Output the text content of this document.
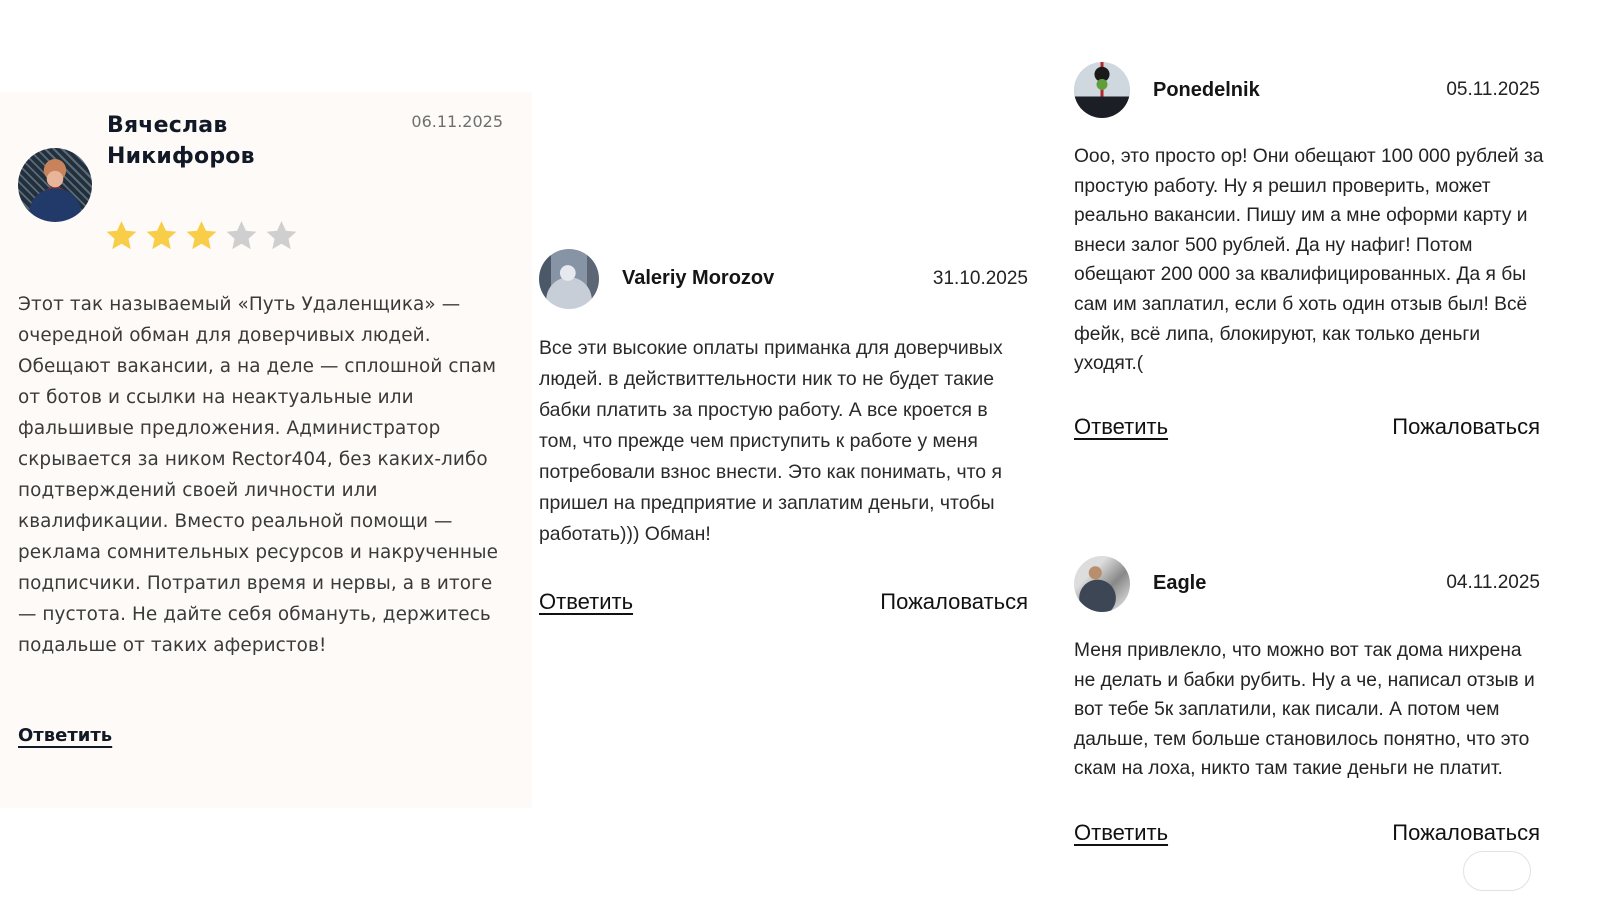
Вячеслав Никифоров
06.11.2025
Этот так называемый «Путь Удаленщика» — очередной обман для доверчивых людей. Обещают вакансии, а на деле — сплошной спам от ботов и ссылки на неактуальные или фальшивые предложения. Администратор скрывается за ником Rector404, без каких-либо подтверждений своей личности или квалификации. Вместо реальной помощи — реклама сомнительных ресурсов и накрученные подписчики. Потратил время и нервы, а в итоге — пустота. Не дайте себя обмануть, держитесь подальше от таких аферистов!
Ответить
Valeriy Morozov	31.10.2025
Все эти высокие оплаты приманка для доверчивых людей. в действиттельности ник то не будет такие бабки платить за простую работу. А все кроется в том, что прежде чем приступить к работе у меня потребовали взнос внести. Это как понимать, что я пришел на предприятие и заплатим деньги, чтобы работать))) Обман!
Ответить	Пожаловаться
Ponedelnik	05.11.2025
Ооо, это просто ор! Они обещают 100 000 рублей за простую работу. Ну я решил проверить, может реально вакансии. Пишу им а мне оформи карту и внеси залог 500 рублей. Да ну нафиг! Потом обещают 200 000 за квалифицированных. Да я бы сам им заплатил, если б хоть один отзыв был! Всё фейк, всё липа, блокируют, как только деньги уходят.(
Ответить	Пожаловаться
Eagle	04.11.2025
Меня привлекло, что можно вот так дома нихрена не делать и бабки рубить. Ну а че, написал отзыв и вот тебе 5к заплатили, как писали. А потом чем дальше, тем больше становилось понятно, что это скам на лоха, никто там такие деньги не платит.
Ответить	Пожаловаться
